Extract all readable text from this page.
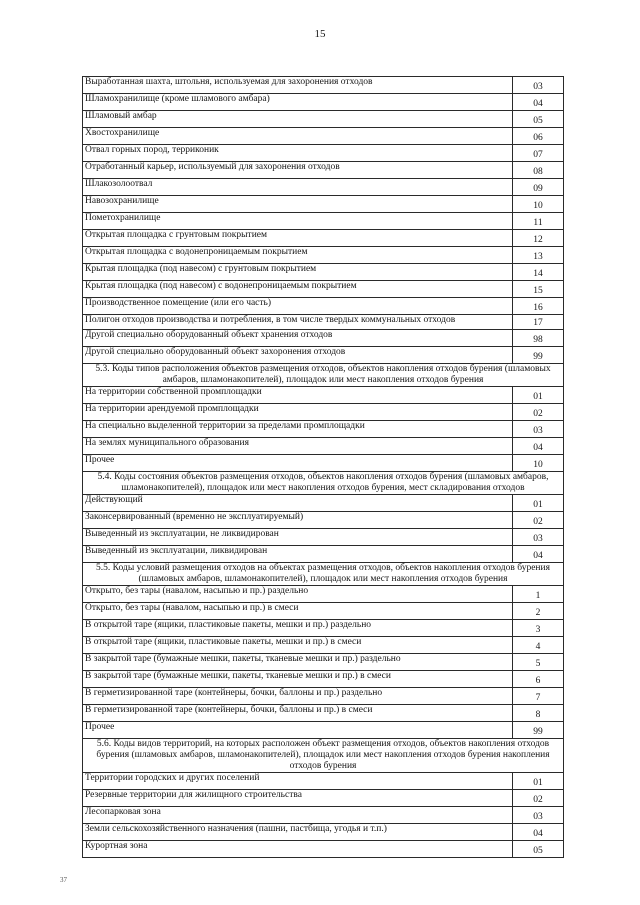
15
Выработанная шахта, штольня, используемая для захоронения отходов	03
Шламохранилище (кроме шламового амбара)	04
Шламовый амбар	05
Хвостохранилище	06
Отвал горных пород, терриконик	07
Отработанный карьер, используемый для захоронения отходов	08
Шлакозолоотвал	09
Навозохранилище	10
Пометохранилище	11
Открытая площадка с грунтовым покрытием	12
Открытая площадка с водонепроницаемым покрытием	13
Крытая площадка (под навесом) с грунтовым покрытием	14
Крытая площадка (под навесом) с водонепроницаемым покрытием	15
Производственное помещение (или его часть)	16
Полигон отходов производства и потребления, в том числе твердых коммунальных отходов	17
Другой специально оборудованный объект хранения отходов	98
Другой специально оборудованный объект захоронения отходов	99
5.3. Коды типов расположения объектов размещения отходов, объектов накопления отходов бурения (шламовых амбаров, шламонакопителей), площадок или мест накопления отходов бурения	
На территории собственной промплощадки	01
На территории арендуемой промплощадки	02
На специально выделенной территории за пределами промплощадки	03
На землях муниципального образования	04
Прочее	10
5.4. Коды состояния объектов размещения отходов, объектов накопления отходов бурения (шламовых амбаров, шламонакопителей), площадок или мест накопления отходов бурения, мест складирования отходов	
Действующий	01
Законсервированный (временно не эксплуатируемый)	02
Выведенный из эксплуатации, не ликвидирован	03
Выведенный из эксплуатации, ликвидирован	04
5.5. Коды условий размещения отходов на объектах размещения отходов, объектов накопления отходов бурения (шламовых амбаров, шламонакопителей), площадок или мест накопления отходов бурения	
Открыто, без тары (навалом, насыпью и пр.) раздельно	1
Открыто, без тары (навалом, насыпью и пр.) в смеси	2
В открытой таре (ящики, пластиковые пакеты, мешки и пр.) раздельно	3
В открытой таре (ящики, пластиковые пакеты, мешки и пр.) в смеси	4
В закрытой таре (бумажные мешки, пакеты, тканевые мешки и пр.) раздельно	5
В закрытой таре (бумажные мешки, пакеты, тканевые мешки и пр.) в смеси	6
В герметизированной таре (контейнеры, бочки, баллоны и пр.) раздельно	7
В герметизированной таре (контейнеры, бочки, баллоны и пр.) в смеси	8
Прочее	99
5.6. Коды видов территорий, на которых расположен объект размещения отходов, объектов накопления отходов бурения (шламовых амбаров, шламонакопителей), площадок или мест накопления отходов бурения накопления отходов бурения	
Территории городских и других поселений	01
Резервные территории для жилищного строительства	02
Лесопарковая зона	03
Земли сельскохозяйственного назначения (пашни, пастбища, угодья и т.п.)	04
Курортная зона	05
37
